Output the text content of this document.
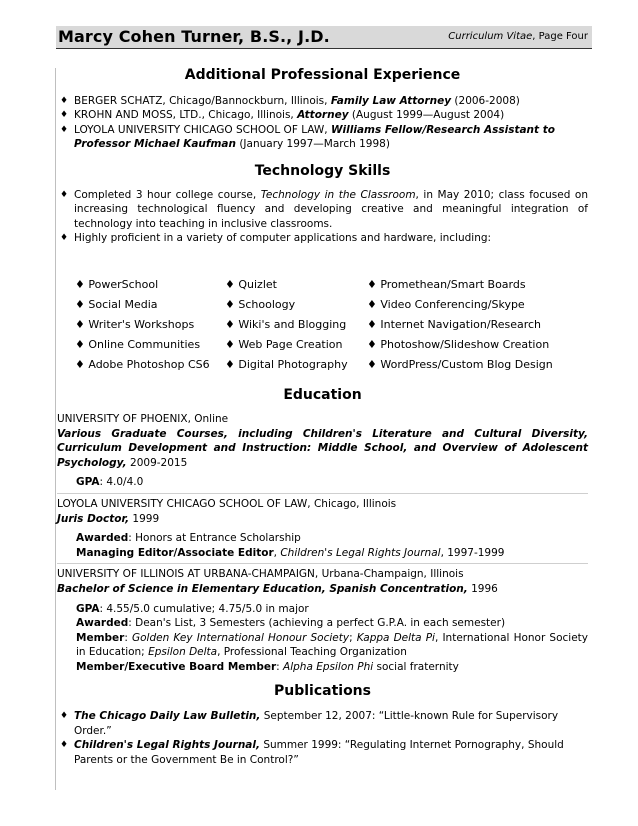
Marcy Cohen Turner, B.S., J.D.	Curriculum Vitae, Page Four
Additional Professional Experience
♦ BERGER SCHATZ, Chicago/Bannockburn, Illinois, Family Law Attorney (2006-2008)
♦ KROHN AND MOSS, LTD., Chicago, Illinois, Attorney (August 1999—August 2004)
♦ LOYOLA UNIVERSITY CHICAGO SCHOOL OF LAW, Williams Fellow/Research Assistant to Professor Michael Kaufman (January 1997—March 1998)
Technology Skills
♦ Completed 3 hour college course, Technology in the Classroom, in May 2010; class focused on increasing technological fluency and developing creative and meaningful integration of technology into teaching in inclusive classrooms.
♦ Highly proficient in a variety of computer applications and hardware, including:
♦ PowerSchool	♦ Quizlet	♦ Promethean/Smart Boards
♦ Social Media	♦ Schoology	♦ Video Conferencing/Skype
♦ Writer's Workshops	♦ Wiki's and Blogging	♦ Internet Navigation/Research
♦ Online Communities	♦ Web Page Creation	♦ Photoshow/Slideshow Creation
♦ Adobe Photoshop CS6	♦ Digital Photography	♦ WordPress/Custom Blog Design
Education
UNIVERSITY OF PHOENIX, Online
Various Graduate Courses, including Children's Literature and Cultural Diversity, Curriculum Development and Instruction: Middle School, and Overview of Adolescent Psychology, 2009-2015
GPA: 4.0/4.0
LOYOLA UNIVERSITY CHICAGO SCHOOL OF LAW, Chicago, Illinois
Juris Doctor, 1999
Awarded: Honors at Entrance Scholarship
Managing Editor/Associate Editor, Children's Legal Rights Journal, 1997-1999
UNIVERSITY OF ILLINOIS AT URBANA-CHAMPAIGN, Urbana-Champaign, Illinois
Bachelor of Science in Elementary Education, Spanish Concentration, 1996
GPA: 4.55/5.0 cumulative; 4.75/5.0 in major
Awarded: Dean's List, 3 Semesters (achieving a perfect G.P.A. in each semester)
Member: Golden Key International Honour Society; Kappa Delta Pi, International Honor Society in Education; Epsilon Delta, Professional Teaching Organization
Member/Executive Board Member: Alpha Epsilon Phi social fraternity
Publications
♦ The Chicago Daily Law Bulletin, September 12, 2007: “Little-known Rule for Supervisory Order.”
♦ Children's Legal Rights Journal, Summer 1999: “Regulating Internet Pornography, Should Parents or the Government Be in Control?”
